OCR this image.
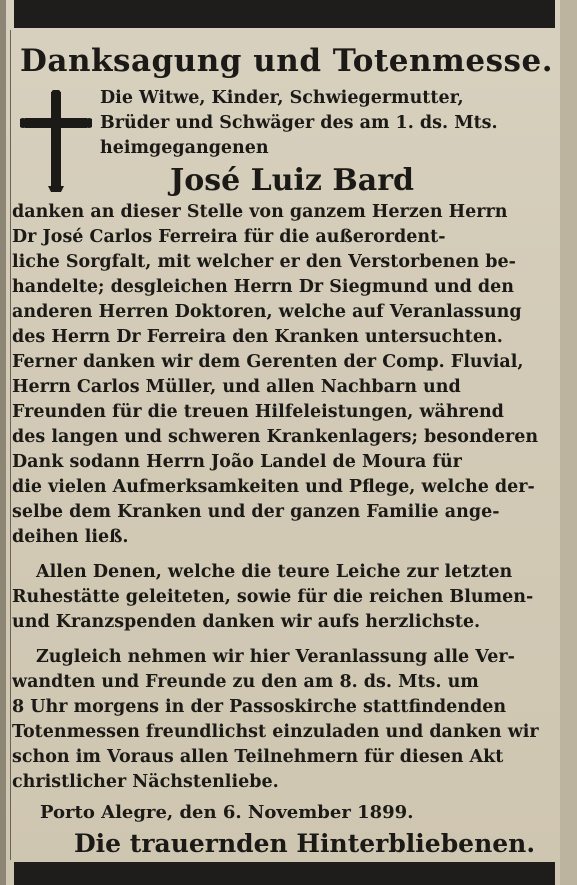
Danksagung und Totenmesse.
Die Witwe, Kinder, Schwiegermutter,
Brüder und Schwäger des am 1. ds. Mts.
heimgegangenen
José Luiz Bard
danken an dieser Stelle von ganzem Herzen Herrn
Dr José Carlos Ferreira für die außerordent-
liche Sorgfalt, mit welcher er den Verstorbenen be-
handelte; desgleichen Herrn Dr Siegmund und den
anderen Herren Doktoren, welche auf Veranlassung
des Herrn Dr Ferreira den Kranken untersuchten.
Ferner danken wir dem Gerenten der Comp. Fluvial,
Herrn Carlos Müller, und allen Nachbarn und
Freunden für die treuen Hilfeleistungen, während
des langen und schweren Krankenlagers; besonderen
Dank sodann Herrn João Landel de Moura für
die vielen Aufmerksamkeiten und Pflege, welche der-
selbe dem Kranken und der ganzen Familie ange-
deihen ließ.
Allen Denen, welche die teure Leiche zur letzten
Ruhestätte geleiteten, sowie für die reichen Blumen-
und Kranzspenden danken wir aufs herzlichste.
Zugleich nehmen wir hier Veranlassung alle Ver-
wandten und Freunde zu den am 8. ds. Mts. um
8 Uhr morgens in der Passoskirche stattfindenden
Totenmessen freundlichst einzuladen und danken wir
schon im Voraus allen Teilnehmern für diesen Akt
christlicher Nächstenliebe.
Porto Alegre, den 6. November 1899.
Die trauernden Hinterbliebenen.
